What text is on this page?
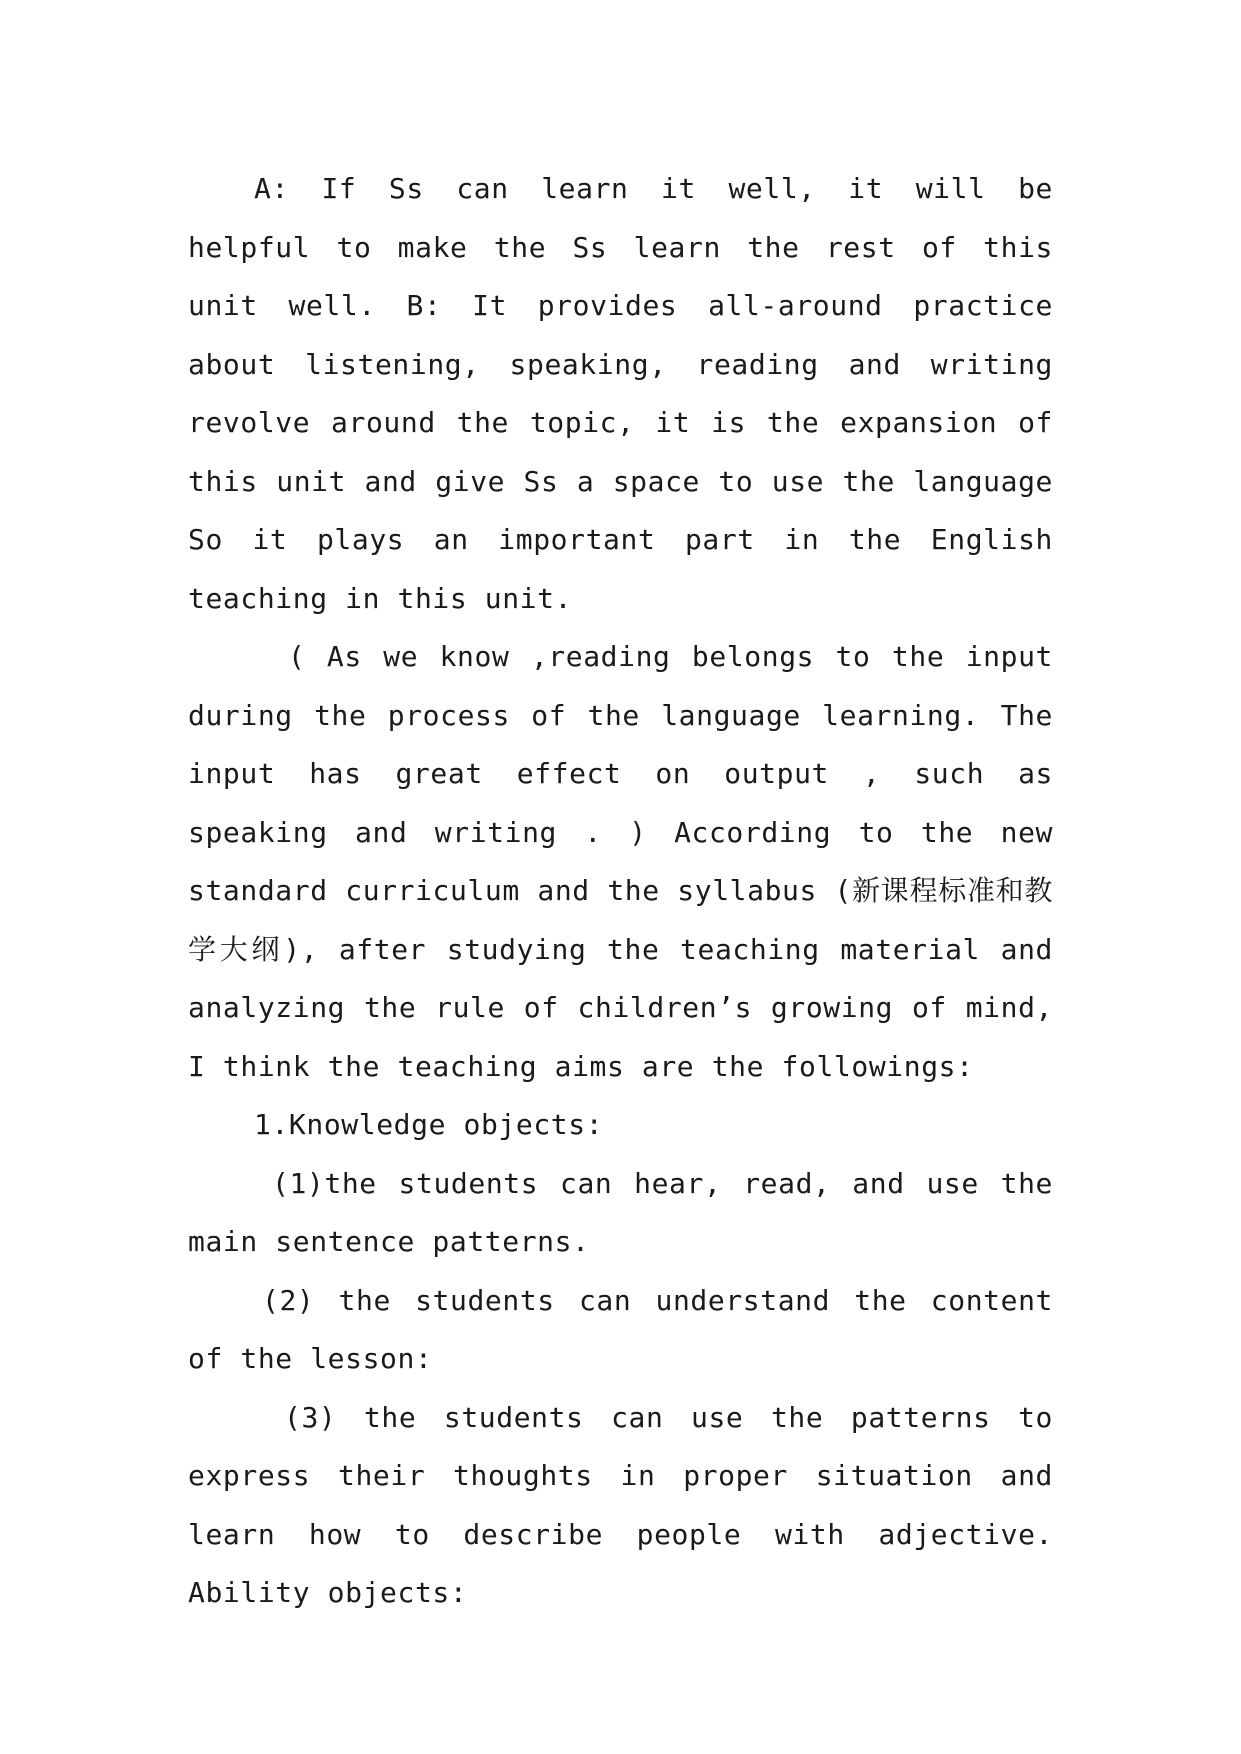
A: If Ss can learn it well, it will be helpful to make the Ss learn the rest of this unit well. B: It provides all-around practice about listening, speaking, reading and writing revolve around the topic, it is the expansion of this unit and give Ss a space to use the language So it plays an important part in the English teaching in this unit.

( As we know ,reading belongs to the input during the process of the language learning. The input has great effect on output , such as speaking and writing . ) According to the new standard curriculum and the syllabus (新课程标准和教学大纲), after studying the teaching material and analyzing the rule of children’s growing of mind, I think the teaching aims are the followings:

1.Knowledge objects:

(1)the students can hear, read, and use the main sentence patterns.

(2) the students can understand the content of the lesson:

(3) the students can use the patterns to express their thoughts in proper situation and learn how to describe people with adjective. Ability objects:
